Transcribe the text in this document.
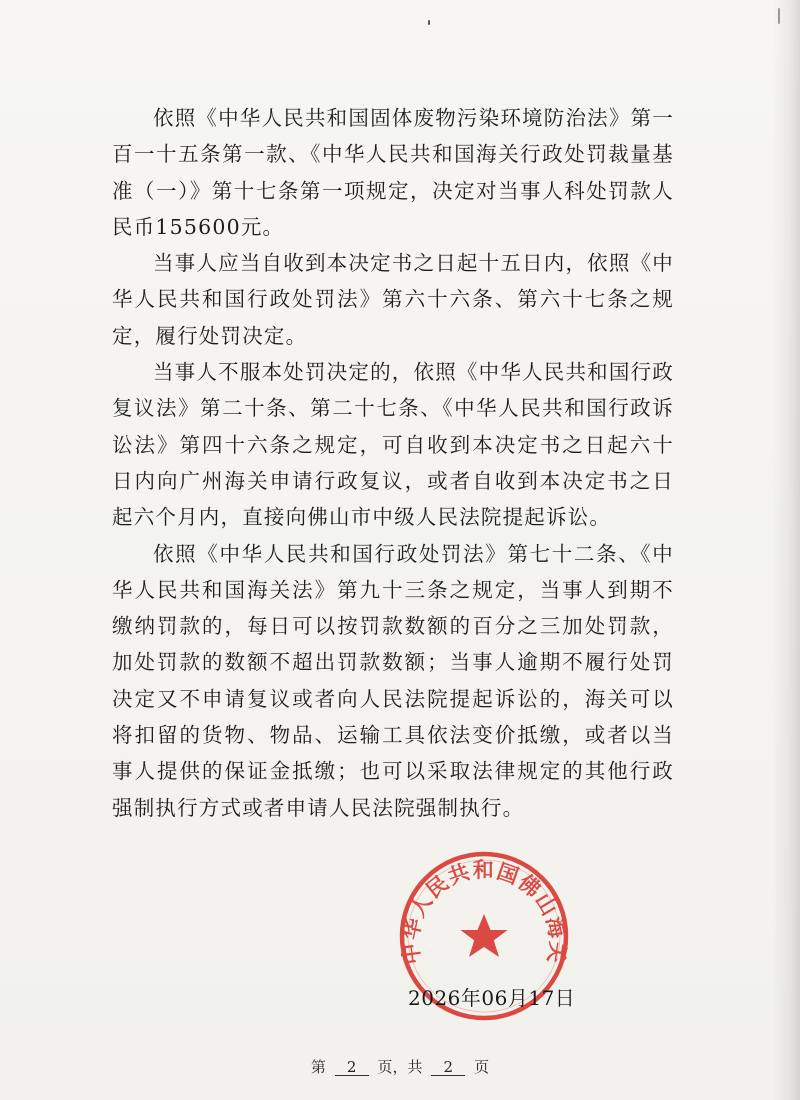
依照《中华人民共和国固体废物污染环境防治法》第一百一十五条第一款、《中华人民共和国海关行政处罚裁量基准（一）》第十七条第一项规定，决定对当事人科处罚款人民币155600元。

当事人应当自收到本决定书之日起十五日内，依照《中华人民共和国行政处罚法》第六十六条、第六十七条之规定，履行处罚决定。

当事人不服本处罚决定的，依照《中华人民共和国行政复议法》第二十条、第二十七条、《中华人民共和国行政诉讼法》第四十六条之规定，可自收到本决定书之日起六十日内向广州海关申请行政复议，或者自收到本决定书之日起六个月内，直接向佛山市中级人民法院提起诉讼。

依照《中华人民共和国行政处罚法》第七十二条、《中华人民共和国海关法》第九十三条之规定，当事人到期不缴纳罚款的，每日可以按罚款数额的百分之三加处罚款，加处罚款的数额不超出罚款数额；当事人逾期不履行处罚决定又不申请复议或者向人民法院提起诉讼的，海关可以将扣留的货物、物品、运输工具依法变价抵缴，或者以当事人提供的保证金抵缴；也可以采取法律规定的其他行政强制执行方式或者申请人民法院强制执行。

中华人民共和国佛山海关
2026年06月17日
第 2 页，共 2 页
